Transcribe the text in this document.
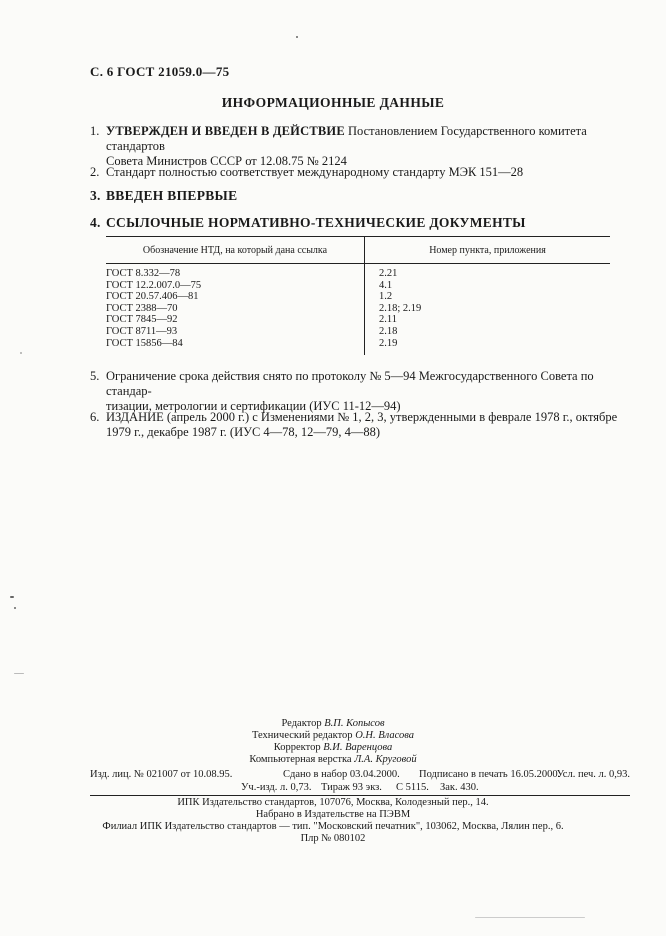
С. 6 ГОСТ 21059.0—75
ИНФОРМАЦИОННЫЕ ДАННЫЕ
1. УТВЕРЖДЕН И ВВЕДЕН В ДЕЙСТВИЕ Постановлением Государственного комитета стандартов
Совета Министров СССР от 12.08.75 № 2124
2. Стандарт полностью соответствует международному стандарту МЭК 151—28
3. ВВЕДЕН ВПЕРВЫЕ
4. ССЫЛОЧНЫЕ НОРМАТИВНО-ТЕХНИЧЕСКИЕ ДОКУМЕНТЫ
Обозначение НТД, на который дана ссылка	Номер пункта, приложения
ГОСТ 8.332—78	2.21
ГОСТ 12.2.007.0—75	4.1
ГОСТ 20.57.406—81	1.2
ГОСТ 2388—70	2.18; 2.19
ГОСТ 7845—92	2.11
ГОСТ 8711—93	2.18
ГОСТ 15856—84	2.19
5. Ограничение срока действия снято по протоколу № 5—94 Межгосударственного Совета по стандар-
тизации, метрологии и сертификации (ИУС 11-12—94)
6. ИЗДАНИЕ (апрель 2000 г.) с Изменениями № 1, 2, 3, утвержденными в феврале 1978 г., октябре
1979 г., декабре 1987 г. (ИУС 4—78, 12—79, 4—88)
Редактор В.П. Копысов
Технический редактор О.Н. Власова
Корректор В.И. Варенцова
Компьютерная верстка Л.А. Круговой
Изд. лиц. № 021007 от 10.08.95.	Сдано в набор 03.04.2000. Подписано в печать 16.05.2000.
Усл. печ. л. 0,93.
Уч.-изд. л. 0,73. Тираж 93 экз. С 5115. Зак. 430.
ИПК Издательство стандартов, 107076, Москва, Колодезный пер., 14.
Набрано в Издательстве на ПЭВМ
Филиал ИПК Издательство стандартов — тип. "Московский печатник", 103062, Москва, Лялин пер., 6.
Плр № 080102
